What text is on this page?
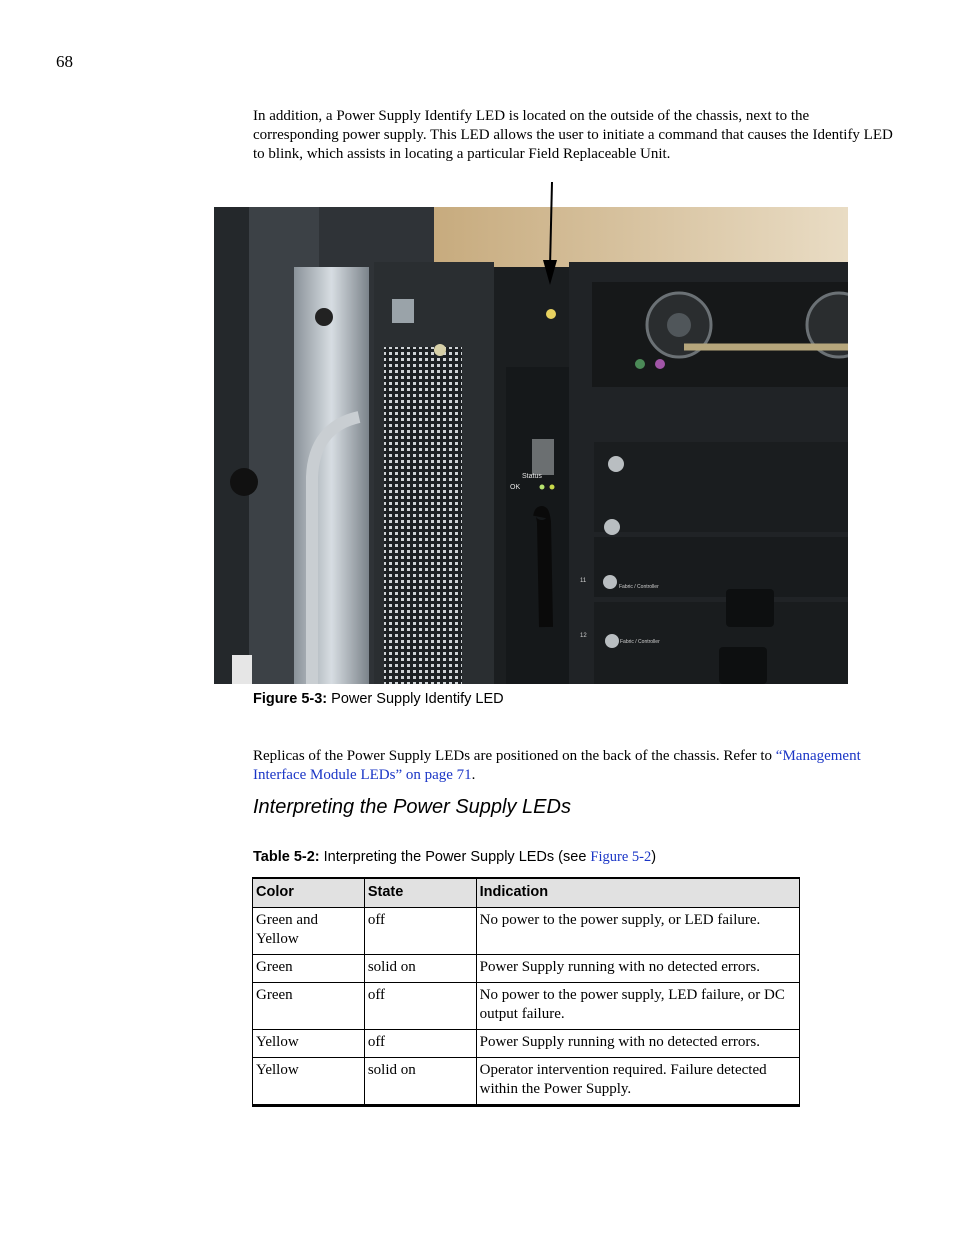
68
In addition, a Power Supply Identify LED is located on the outside of the chassis, next to the corresponding power supply. This LED allows the user to initiate a command that causes the Identify LED to blink, which assists in locating a particular Field Replaceable Unit.
Status
OK
Fabric / Controller
Fabric / Controller
11
12
Figure 5-3: Power Supply Identify LED
Replicas of the Power Supply LEDs are positioned on the back of the chassis. Refer to “Management Interface Module LEDs” on page 71.
Interpreting the Power Supply LEDs
Table 5-2: Interpreting the Power Supply LEDs (see Figure 5-2)
Color	State	Indication
Green and Yellow	off	No power to the power supply, or LED failure.
Green	solid on	Power Supply running with no detected errors.
Green	off	No power to the power supply, LED failure, or DC output failure.
Yellow	off	Power Supply running with no detected errors.
Yellow	solid on	Operator intervention required. Failure detected within the Power Supply.
